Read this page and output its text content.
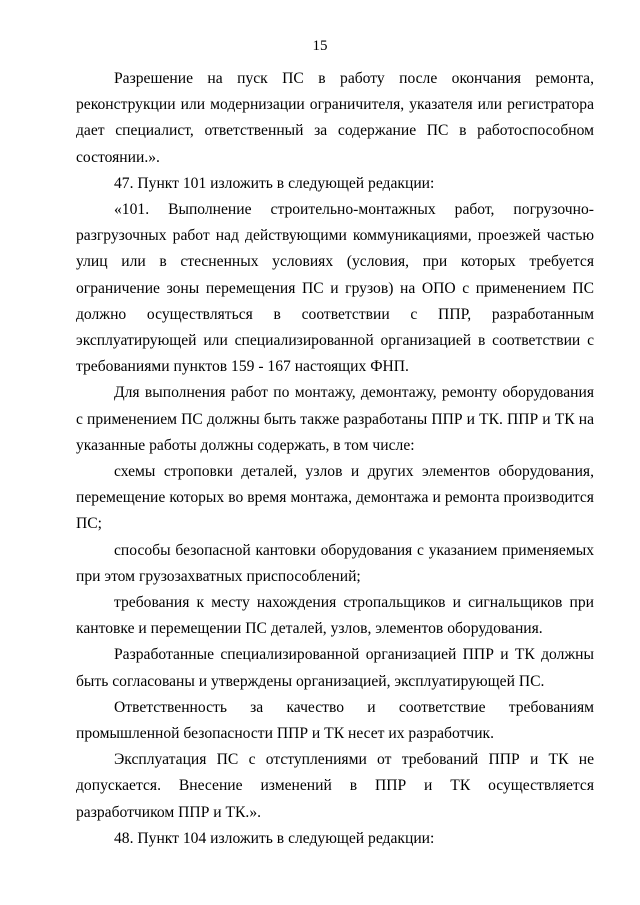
15

Разрешение на пуск ПС в работу после окончания ремонта, реконструкции или модернизации ограничителя, указателя или регистратора дает специалист, ответственный за содержание ПС в работоспособном состоянии.».

47. Пункт 101 изложить в следующей редакции:

«101. Выполнение строительно-монтажных работ, погрузочно-разгрузочных работ над действующими коммуникациями, проезжей частью улиц или в стесненных условиях (условия, при которых требуется ограничение зоны перемещения ПС и грузов) на ОПО с применением ПС должно осуществляться в соответствии с ППР, разработанным эксплуатирующей или специализированной организацией в соответствии с требованиями пунктов 159 - 167 настоящих ФНП.

Для выполнения работ по монтажу, демонтажу, ремонту оборудования с применением ПС должны быть также разработаны ППР и ТК. ППР и ТК на указанные работы должны содержать, в том числе:

схемы строповки деталей, узлов и других элементов оборудования, перемещение которых во время монтажа, демонтажа и ремонта производится ПС;

способы безопасной кантовки оборудования с указанием применяемых при этом грузозахватных приспособлений;

требования к месту нахождения стропальщиков и сигнальщиков при кантовке и перемещении ПС деталей, узлов, элементов оборудования.

Разработанные специализированной организацией ППР и ТК должны быть согласованы и утверждены организацией, эксплуатирующей ПС.

Ответственность за качество и соответствие требованиям промышленной безопасности ППР и ТК несет их разработчик.

Эксплуатация ПС с отступлениями от требований ППР и ТК не допускается. Внесение изменений в ППР и ТК осуществляется разработчиком ППР и ТК.».

48. Пункт 104 изложить в следующей редакции:
